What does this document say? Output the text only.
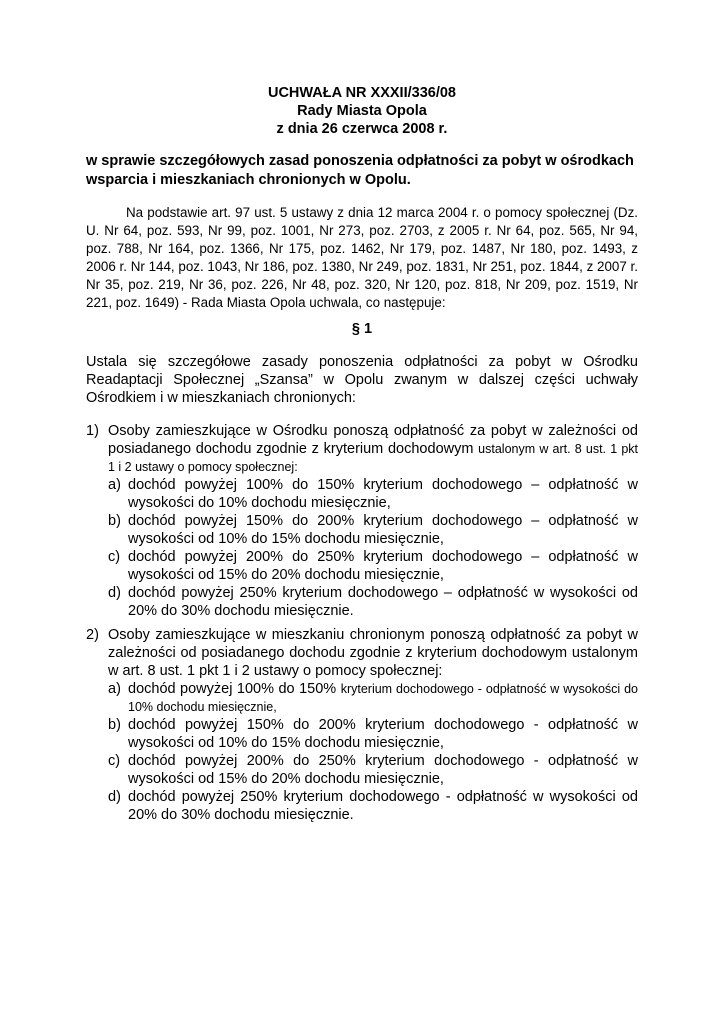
UCHWAŁA NR XXXII/336/08
Rady Miasta Opola
z dnia 26 czerwca 2008 r.
w sprawie szczegółowych zasad ponoszenia odpłatności za pobyt w ośrodkach wsparcia i mieszkaniach chronionych w Opolu.

Na podstawie art. 97 ust. 5 ustawy z dnia 12 marca 2004 r. o pomocy społecznej (Dz. U. Nr 64, poz. 593, Nr 99, poz. 1001, Nr 273, poz. 2703, z 2005 r. Nr 64, poz. 565, Nr 94, poz. 788, Nr 164, poz. 1366, Nr 175, poz. 1462, Nr 179, poz. 1487, Nr 180, poz. 1493, z 2006 r. Nr 144, poz. 1043, Nr 186, poz. 1380, Nr 249, poz. 1831, Nr 251, poz. 1844, z 2007 r. Nr 35, poz. 219, Nr 36, poz. 226, Nr 48, poz. 320, Nr 120, poz. 818, Nr 209, poz. 1519, Nr 221, poz. 1649) - Rada Miasta Opola uchwala, co następuje:

§ 1
Ustala się szczegółowe zasady ponoszenia odpłatności za pobyt w Ośrodku Readaptacji Społecznej „Szansa” w Opolu zwanym w dalszej części uchwały Ośrodkiem i w mieszkaniach chronionych:
1) Osoby zamieszkujące w Ośrodku ponoszą odpłatność za pobyt w zależności od posiadanego dochodu zgodnie z kryterium dochodowym ustalonym w art. 8 ust. 1 pkt 1 i 2 ustawy o pomocy społecznej:
a) dochód powyżej 100% do 150% kryterium dochodowego – odpłatność w wysokości do 10% dochodu miesięcznie,
b) dochód powyżej 150% do 200% kryterium dochodowego – odpłatność w wysokości od 10% do 15% dochodu miesięcznie,
c) dochód powyżej 200% do 250% kryterium dochodowego – odpłatność w wysokości od 15% do 20% dochodu miesięcznie,
d) dochód powyżej 250% kryterium dochodowego – odpłatność w wysokości od 20% do 30% dochodu miesięcznie.
2) Osoby zamieszkujące w mieszkaniu chronionym ponoszą odpłatność za pobyt w zależności od posiadanego dochodu zgodnie z kryterium dochodowym ustalonym w art. 8 ust. 1 pkt 1 i 2 ustawy o pomocy społecznej:
a) dochód powyżej 100% do 150% kryterium dochodowego - odpłatność w wysokości do 10% dochodu miesięcznie,
b) dochód powyżej 150% do 200% kryterium dochodowego - odpłatność w wysokości od 10% do 15% dochodu miesięcznie,
c) dochód powyżej 200% do 250% kryterium dochodowego - odpłatność w wysokości od 15% do 20% dochodu miesięcznie,
d) dochód powyżej 250% kryterium dochodowego - odpłatność w wysokości od 20% do 30% dochodu miesięcznie.
